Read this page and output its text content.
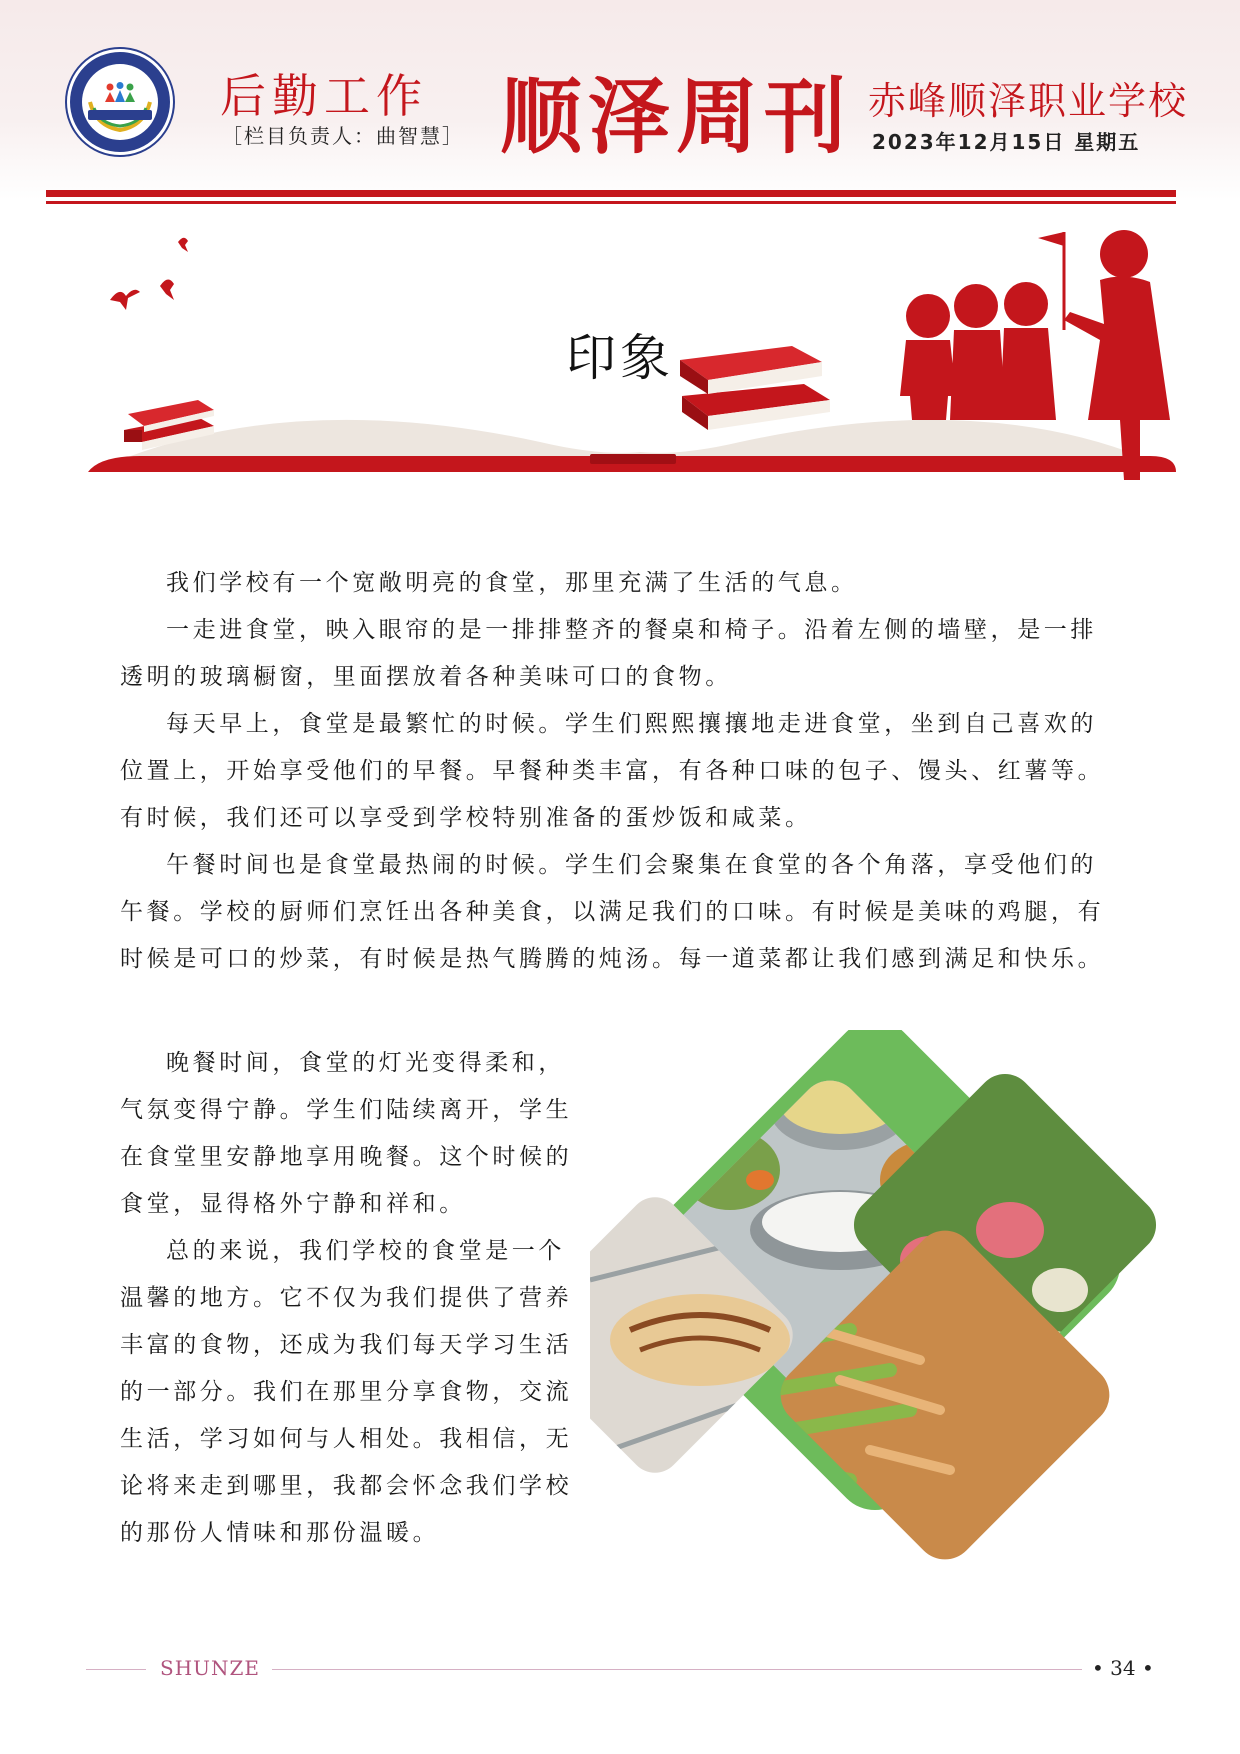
后勤工作
［栏目负责人：曲智慧］ 顺泽周刊 赤峰顺泽职业学校
2023年12月15日 星期五
印象

我们学校有一个宽敞明亮的食堂，那里充满了生活的气息。

一走进食堂，映入眼帘的是一排排整齐的餐桌和椅子。沿着左侧的墙壁，是一排透明的玻璃橱窗，里面摆放着各种美味可口的食物。

每天早上，食堂是最繁忙的时候。学生们熙熙攘攘地走进食堂，坐到自己喜欢的位置上，开始享受他们的早餐。早餐种类丰富，有各种口味的包子、馒头、红薯等。有时候，我们还可以享受到学校特别准备的蛋炒饭和咸菜。

午餐时间也是食堂最热闹的时候。学生们会聚集在食堂的各个角落，享受他们的午餐。学校的厨师们烹饪出各种美食，以满足我们的口味。有时候是美味的鸡腿，有时候是可口的炒菜，有时候是热气腾腾的炖汤。每一道菜都让我们感到满足和快乐。

晚餐时间，食堂的灯光变得柔和，气氛变得宁静。学生们陆续离开，学生在食堂里安静地享用晚餐。这个时候的食堂，显得格外宁静和祥和。

总的来说，我们学校的食堂是一个温馨的地方。它不仅为我们提供了营养丰富的食物，还成为我们每天学习生活的一部分。我们在那里分享食物，交流生活，学习如何与人相处。我相信，无论将来走到哪里，我都会怀念我们学校的那份人情味和那份温暖。

SHUNZE	• 34 •
